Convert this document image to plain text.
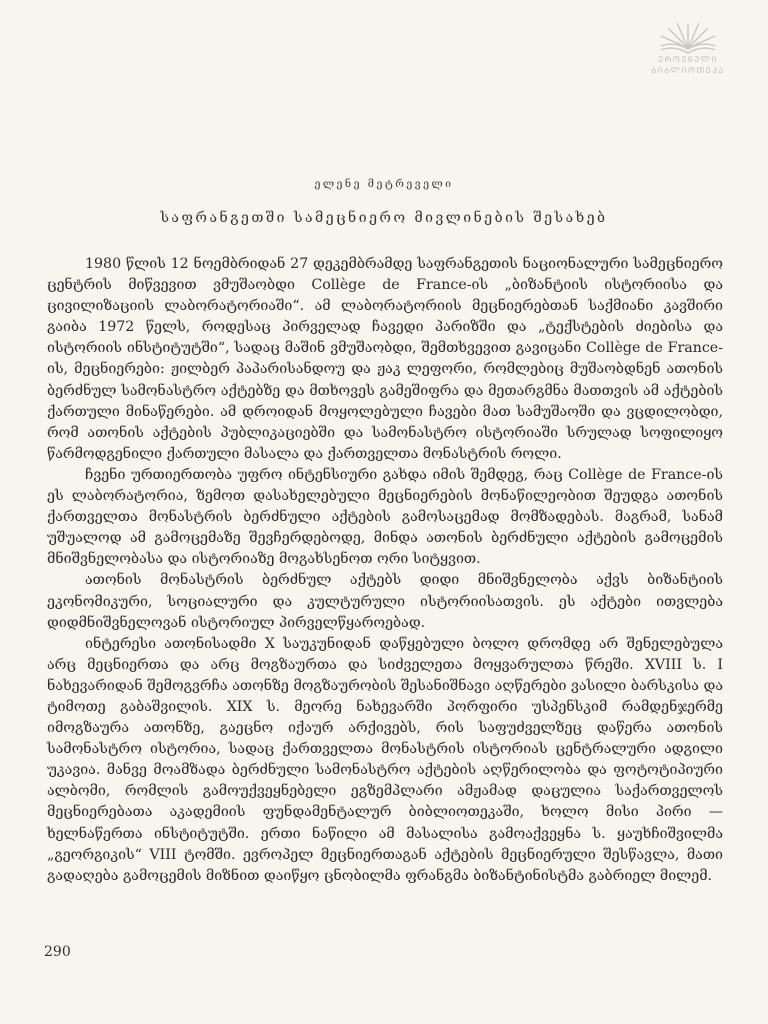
ᲔᲠᲝᲕᲜᲣᲚᲘ
ᲑᲘᲑᲚᲘᲝᲗᲔᲙᲐ
ელენე მეტრეველი
საფრანგეთში სამეცნიერო მივლინების შესახებ

1980 წლის 12 ნოემბრიდან 27 დეკემბრამდე საფრანგეთის ნაციონალური სამეცნიერო ცენტრის მიწვევით ვმუშაობდი Collège de France-ის „ბიზანტიის ისტორიისა და ცივილიზაციის ლაბორატორიაში“. ამ ლაბორატორიის მეცნიერებთან საქმიანი კავშირი გაიბა 1972 წელს, როდესაც პირველად ჩავედი პარიზში და „ტექსტების ძიებისა და ისტორიის ინსტიტუტში“, სადაც მაშინ ვმუშაობდი, შემთხვევით გავიცანი Collège de France-ის, მეცნიერები: ჟილბერ პაპარისანდოუ და ჟაკ ლეფორი, რომლებიც მუშაობდნენ ათონის ბერძნულ სამონასტრო აქტებზე და მთხოვეს გამეშიფრა და მეთარგმნა მათთვის ამ აქტების ქართული მინაწერები. ამ დროიდან მოყოლებული ჩავები მათ სამუშაოში და ვცდილობდი, რომ ათონის აქტების პუბლიკაციებში და სამონასტრო ისტორიაში სრულად სოფილიყო წარმოდგენილი ქართული მასალა და ქართველთა მონასტრის როლი.

ჩვენი ურთიერთობა უფრო ინტენსიური გახდა იმის შემდეგ, რაც Collège de France-ის ეს ლაბორატორია, ზემოთ დასახელებული მეცნიერების მონაწილეობით შეუდგა ათონის ქართველთა მონასტრის ბერძნული აქტების გამოსაცემად მომზადებას. მაგრამ, სანამ უშუალოდ ამ გამოცემაზე შევჩერდებოდე, მინდა ათონის ბერძნული აქტების გამოცემის მნიშვნელობასა და ისტორიაზე მოგახსენოთ ორი სიტყვით.

ათონის მონასტრის ბერძნულ აქტებს დიდი მნიშვნელობა აქვს ბიზანტიის ეკონომიკური, სოციალური და კულტურული ისტორიისათვის. ეს აქტები ითვლება დიდმნიშვნელოვან ისტორიულ პირველწყაროებად.

ინტერესი ათონისადმი X საუკუნიდან დაწყებული ბოლო დრომდე არ შენელებულა არც მეცნიერთა და არც მოგზაურთა და სიძველეთა მოყვარულთა წრეში. XVIII ს. I ნახევარიდან შემოგვრჩა ათონზე მოგზაურობის შესანიშნავი აღწერები ვასილი ბარსკისა და ტიმოთე გაბაშვილის. XIX ს. მეორე ნახევარში პორფირი უსპენსკიმ რამდენჯერმე იმოგზაურა ათონზე, გაეცნო იქაურ არქივებს, რის საფუძველზეც დაწერა ათონის სამონასტრო ისტორია, სადაც ქართველთა მონასტრის ისტორიას ცენტრალური ადგილი უკავია. მანვე მოამზადა ბერძნული სამონასტრო აქტების აღწერილობა და ფოტოტიპიური ალბომი, რომლის გამოუქვეყნებელი ეგზემპლარი ამჟამად დაცულია საქართველოს მეცნიერებათა აკადემიის ფუნდამენტალურ ბიბლიოთეკაში, ხოლო მისი პირი — ხელნაწერთა ინსტიტუტში. ერთი ნაწილი ამ მასალისა გამოაქვეყნა ს. ყაუხჩიშვილმა „გეორგიკის“ VIII ტომში. ევროპელ მეცნიერთაგან აქტების მეცნიერული შესწავლა, მათი გადაღება გამოცემის მიზნით დაიწყო ცნობილმა ფრანგმა ბიზანტინისტმა გაბრიელ მილემ.

290
